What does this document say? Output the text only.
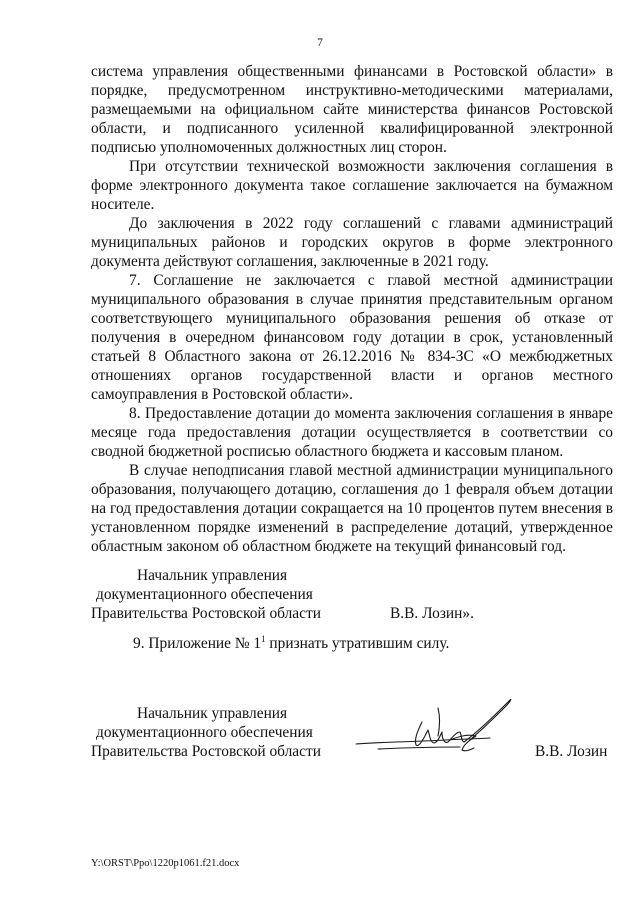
7

система управления общественными финансами в Ростовской области» в порядке, предусмотренном инструктивно-методическими материалами, размещаемыми на официальном сайте министерства финансов Ростовской области, и подписанного усиленной квалифицированной электронной подписью уполномоченных должностных лиц сторон.

При отсутствии технической возможности заключения соглашения в форме электронного документа такое соглашение заключается на бумажном носителе.

До заключения в 2022 году соглашений с главами администраций муниципальных районов и городских округов в форме электронного документа действуют соглашения, заключенные в 2021 году.

7. Соглашение не заключается с главой местной администрации муниципального образования в случае принятия представительным органом соответствующего муниципального образования решения об отказе от получения в очередном финансовом году дотации в срок, установленный статьей 8 Областного закона от 26.12.2016 № 834-ЗС «О межбюджетных отношениях органов государственной власти и органов местного самоуправления в Ростовской области».

8. Предоставление дотации до момента заключения соглашения в январе месяце года предоставления дотации осуществляется в соответствии со сводной бюджетной росписью областного бюджета и кассовым планом.

В случае неподписания главой местной администрации муниципального образования, получающего дотацию, соглашения до 1 февраля объем дотации на год предоставления дотации сокращается на 10 процентов путем внесения в установленном порядке изменений в распределение дотаций, утвержденное областным законом об областном бюджете на текущий финансовый год.

Начальник управления
документационного обеспечения
Правительства Ростовской области	В.В. Лозин».
9. Приложение № $1^1$ признать утратившим силу.
Начальник управления
документационного обеспечения
Правительства Ростовской области	В.В. Лозин
Y:\ORST\Ppo\1220p1061.f21.docx
